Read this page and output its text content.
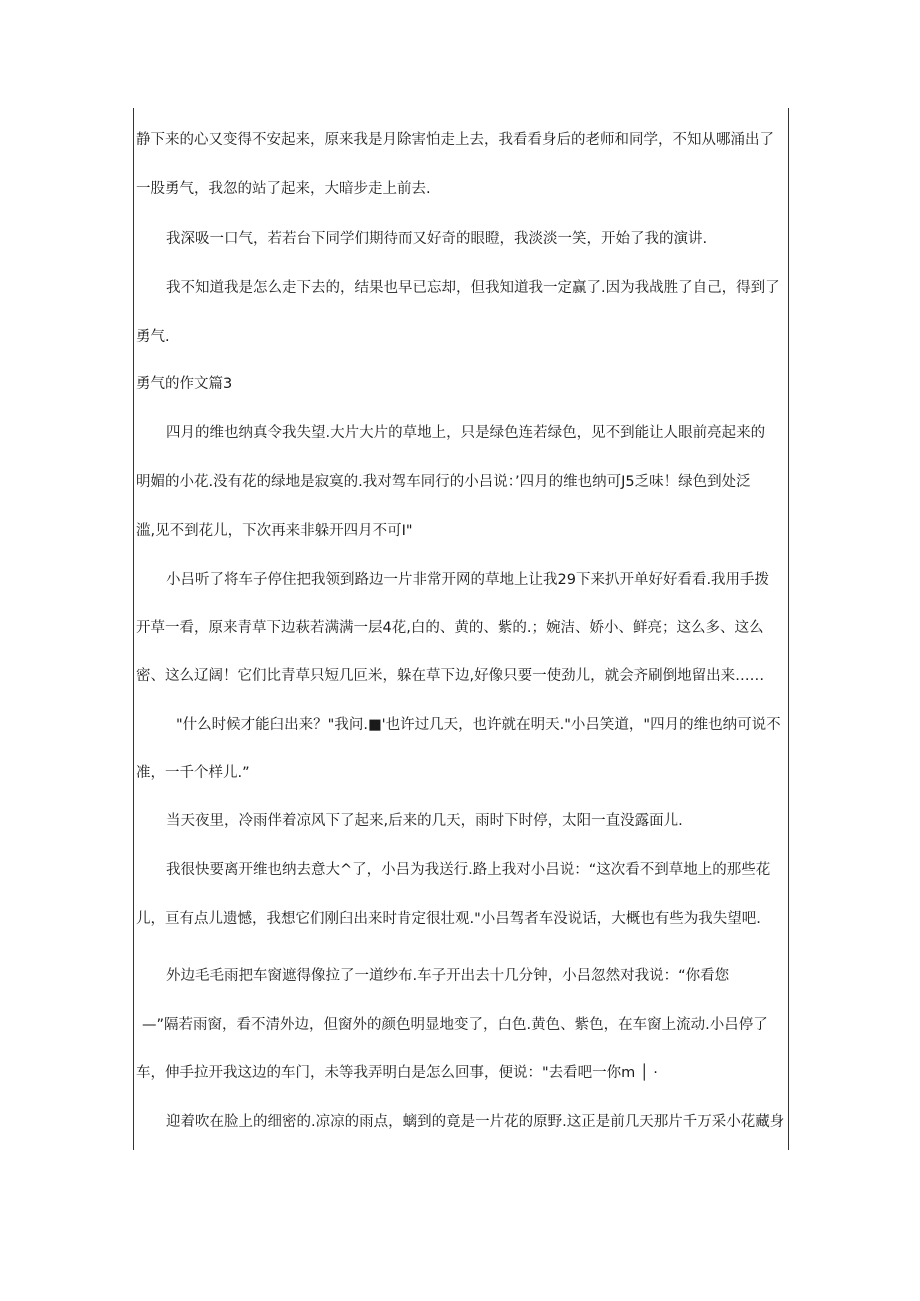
静下来的心又变得不安起来，原来我是月除害怕走上去，我看看身后的老师和同学，不知从哪涌出了
一股勇气，我忽的站了起来，大暗步走上前去.
我深吸一口气，若若台下同学们期待而又好奇的眼瞪，我淡淡一笑，开始了我的演讲.
我不知道我是怎么走下去的，结果也早已忘却，但我知道我一定赢了.因为我战胜了自己，得到了
勇气.
勇气的作文篇3
四月的维也纳真令我失望.大片大片的草地上，只是绿色连若绿色，见不到能让人眼前亮起来的
明媚的小花.没有花的绿地是寂寞的.我对驾车同行的小吕说：’四月的维也纳可J5乏味！绿色到处泛
滥,见不到花儿，下次再来非躲开四月不可I"
小吕听了将车子停住把我领到路边一片非常开网的草地上让我29下来扒开单好好看看.我用手拨
开草一看，原来青草下边萩若满满一层4花,白的、黄的、紫的.；婉洁、娇小、鲜亮；这么多、这么
密、这么辽阔！它们比青草只短几叵米，躲在草下边,好像只要一使劲儿，就会齐刷倒地留出来……
"什么时候才能臼出来？"我问.■'也许过几天，也许就在明天."小吕笑道，"四月的维也纳可说不
准，一千个样儿.”
当天夜里，冷雨伴着凉风下了起来,后来的几天，雨时下时停，太阳一直没露面儿.
我很快要离开维也纳去意大^了，小吕为我送行.路上我对小吕说：“这次看不到草地上的那些花
儿，亘有点儿遗憾，我想它们刚臼出来时肯定很壮观."小吕驾者车没说话，大概也有些为我失望吧.
外边毛毛雨把车窗遮得像拉了一道纱布.车子开出去十几分钟，小吕忽然对我说：“你看您
—”隔若雨窗，看不清外边，但窗外的颜色明显地变了，白色.黄色、紫色，在车窗上流动.小吕停了
车，伸手拉开我这边的车门，未等我弄明白是怎么回事，便说："去看吧一你m │ ·
迎着吹在脸上的细密的.凉凉的雨点，螭到的竟是一片花的原野.这正是前几天那片千万采小花藏身
